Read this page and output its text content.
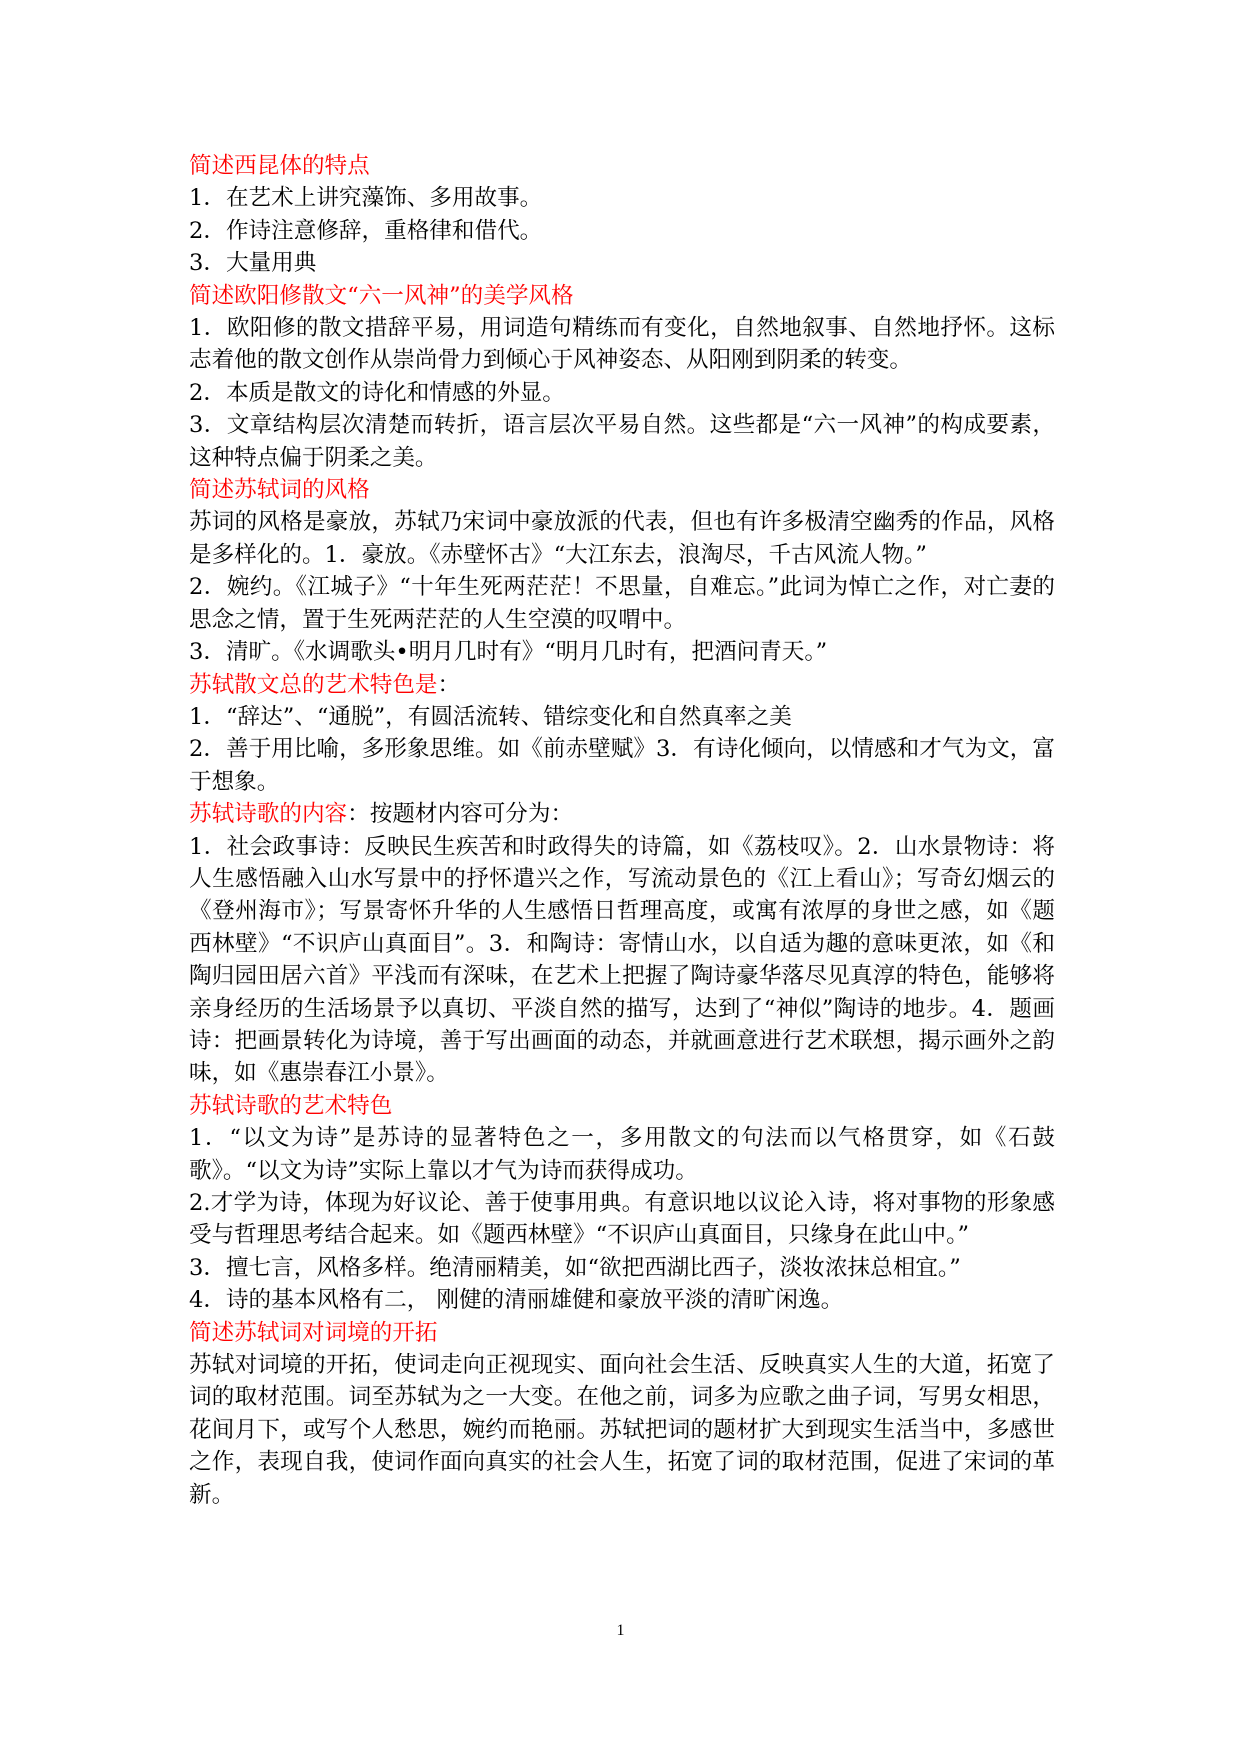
简述西昆体的特点
1．在艺术上讲究藻饰、多用故事。
2．作诗注意修辞，重格律和借代。
3．大量用典
简述欧阳修散文“六一风神”的美学风格
1．欧阳修的散文措辞平易，用词造句精练而有变化，自然地叙事、自然地抒怀。这标志着他的散文创作从崇尚骨力到倾心于风神姿态、从阳刚到阴柔的转变。
2．本质是散文的诗化和情感的外显。
3．文章结构层次清楚而转折，语言层次平易自然。这些都是“六一风神”的构成要素，这种特点偏于阴柔之美。
简述苏轼词的风格
苏词的风格是豪放，苏轼乃宋词中豪放派的代表，但也有许多极清空幽秀的作品，风格是多样化的。1．豪放。《赤壁怀古》“大江东去，浪淘尽，千古风流人物。”
2．婉约。《江城子》“十年生死两茫茫！不思量，自难忘。”此词为悼亡之作，对亡妻的思念之情，置于生死两茫茫的人生空漠的叹喟中。
3．清旷。《水调歌头•明月几时有》“明月几时有，把酒问青天。”
苏轼散文总的艺术特色是：
1．“辞达”、“通脱”，有圆活流转、错综变化和自然真率之美
2．善于用比喻，多形象思维。如《前赤壁赋》3．有诗化倾向，以情感和才气为文，富于想象。
苏轼诗歌的内容：按题材内容可分为：
1．社会政事诗：反映民生疾苦和时政得失的诗篇，如《荔枝叹》。2．山水景物诗：将人生感悟融入山水写景中的抒怀遣兴之作，写流动景色的《江上看山》；写奇幻烟云的《登州海市》；写景寄怀升华的人生感悟日哲理高度，或寓有浓厚的身世之感，如《题西林壁》“不识庐山真面目”。3．和陶诗：寄情山水，以自适为趣的意味更浓，如《和陶归园田居六首》平浅而有深味，在艺术上把握了陶诗豪华落尽见真淳的特色，能够将亲身经历的生活场景予以真切、平淡自然的描写，达到了“神似”陶诗的地步。4．题画诗：把画景转化为诗境，善于写出画面的动态，并就画意进行艺术联想，揭示画外之韵味，如《惠崇春江小景》。
苏轼诗歌的艺术特色
1．“以文为诗”是苏诗的显著特色之一，多用散文的句法而以气格贯穿，如《石鼓歌》。“以文为诗”实际上靠以才气为诗而获得成功。
2.才学为诗，体现为好议论、善于使事用典。有意识地以议论入诗，将对事物的形象感受与哲理思考结合起来。如《题西林壁》“不识庐山真面目，只缘身在此山中。”
3．擅七言，风格多样。绝清丽精美，如“欲把西湖比西子，淡妆浓抹总相宜。”
4．诗的基本风格有二， 刚健的清丽雄健和豪放平淡的清旷闲逸。
简述苏轼词对词境的开拓
苏轼对词境的开拓，使词走向正视现实、面向社会生活、反映真实人生的大道，拓宽了词的取材范围。词至苏轼为之一大变。在他之前，词多为应歌之曲子词，写男女相思，花间月下，或写个人愁思，婉约而艳丽。苏轼把词的题材扩大到现实生活当中，多感世之作，表现自我，使词作面向真实的社会人生，拓宽了词的取材范围，促进了宋词的革新。
1
